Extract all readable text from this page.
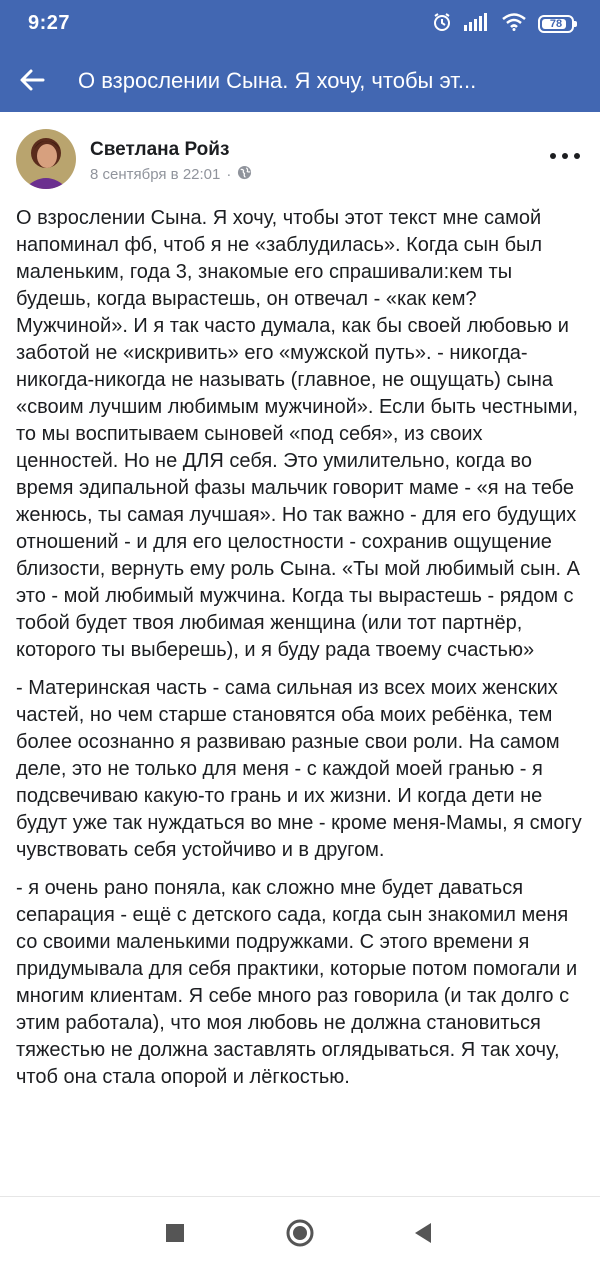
9:27	78
О взрослении Сына. Я хочу, чтобы эт...
Светлана Ройз
8 сентября в 22:01 ·

О взрослении Сына. Я хочу, чтобы этот текст мне самой напоминал фб, чтоб я не «заблудилась». Когда сын был маленьким, года 3, знакомые его спрашивали:кем ты будешь, когда вырастешь, он отвечал - «как кем? Мужчиной». И я так часто думала, как бы своей любовью и заботой не «искривить» его «мужской путь». - никогда- никогда-никогда не называть (главное, не ощущать) сына «своим лучшим любимым мужчиной». Если быть честными, то мы воспитываем сыновей «под себя», из своих ценностей. Но не ДЛЯ себя. Это умилительно, когда во время эдипальной фазы мальчик говорит маме - «я на тебе женюсь, ты самая лучшая». Но так важно - для его будущих отношений - и для его целостности - сохранив ощущение близости, вернуть ему роль Сына. «Ты мой любимый сын. А это - мой любимый мужчина. Когда ты вырастешь - рядом с тобой будет твоя любимая женщина (или тот партнёр, которого ты выберешь), и я буду рада твоему счастью»

- Материнская часть - сама сильная из всех моих женских частей, но чем старше становятся оба моих ребёнка, тем более осознанно я развиваю разные свои роли. На самом деле, это не только для меня - с каждой моей гранью - я подсвечиваю какую-то грань и их жизни. И когда дети не будут уже так нуждаться во мне - кроме меня-Мамы, я смогу чувствовать себя устойчиво и в другом.

- я очень рано поняла, как сложно мне будет даваться сепарация - ещё с детского сада, когда сын знакомил меня со своими маленькими подружками. С этого времени я придумывала для себя практики, которые потом помогали и многим клиентам. Я себе много раз говорила (и так долго с этим работала), что моя любовь не должна становиться тяжестью не должна заставлять оглядываться. Я так хочу, чтоб она стала опорой и лёгкостью.
